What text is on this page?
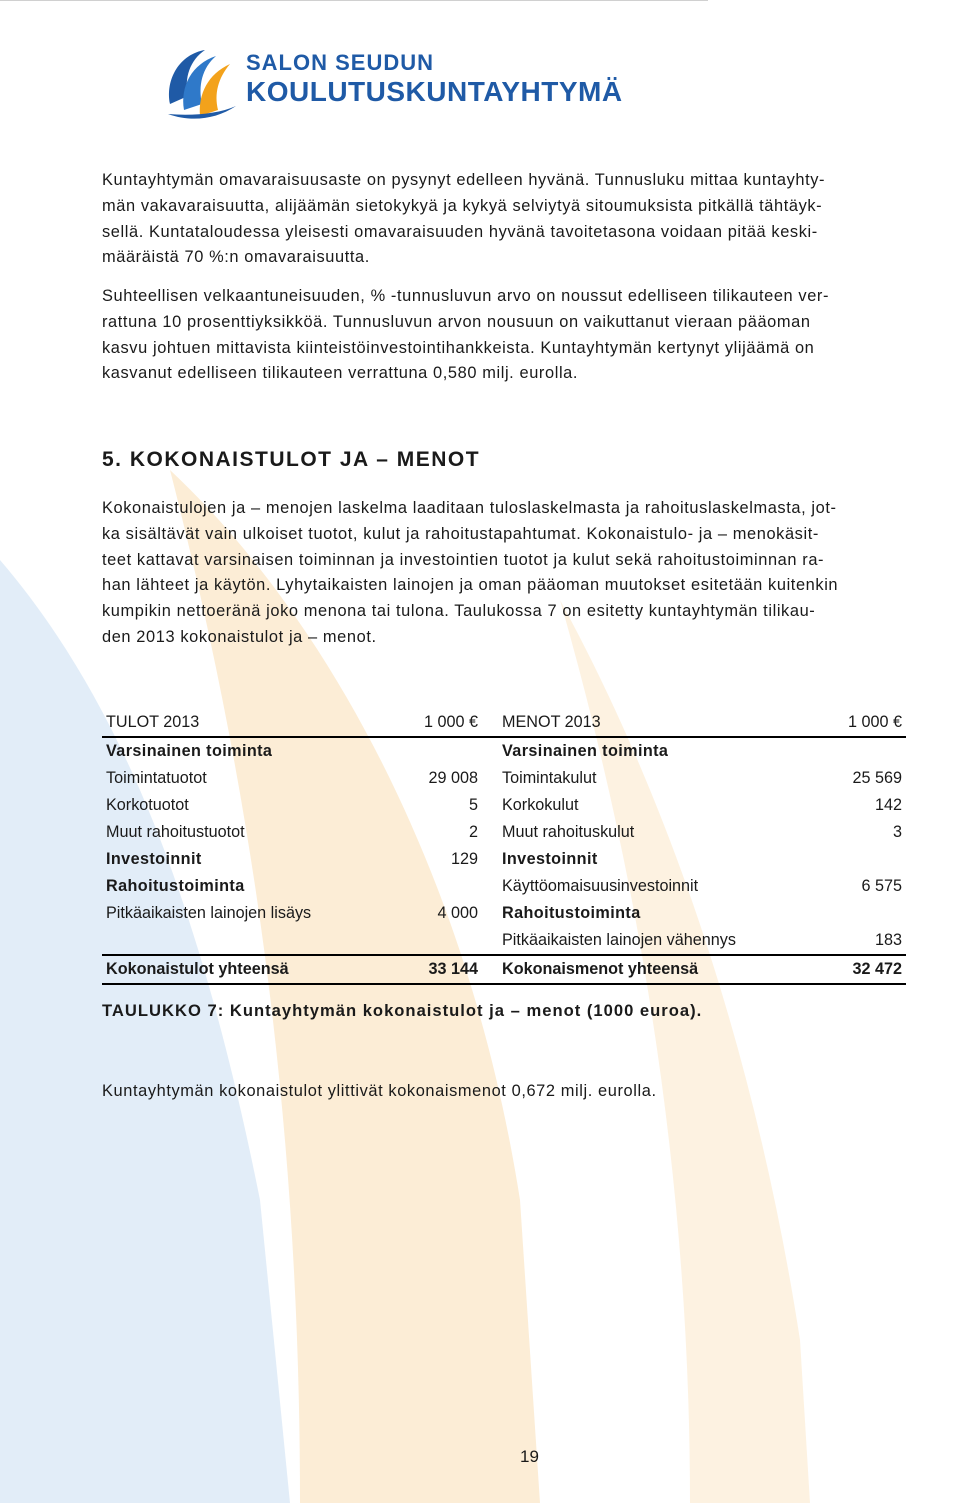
SALON SEUDUN
KOULUTUSKUNTAYHTYMÄ

Kuntayhtymän omavaraisuusaste on pysynyt edelleen hyvänä. Tunnusluku mittaa kuntayhty-
män vakavaraisuutta, alijäämän sietokykyä ja kykyä selviytyä sitoumuksista pitkällä tähtäyk-
sellä. Kuntataloudessa yleisesti omavaraisuuden hyvänä tavoitetasona voidaan pitää keski-
määräistä 70 %:n omavaraisuutta.

Suhteellisen velkaantuneisuuden, % -tunnusluvun arvo on noussut edelliseen tilikauteen ver-
rattuna 10 prosenttiyksikköä. Tunnusluvun arvon nousuun on vaikuttanut vieraan pääoman
kasvu johtuen mittavista kiinteistöinvestointihankkeista. Kuntayhtymän kertynyt ylijäämä on
kasvanut edelliseen tilikauteen verrattuna 0,580 milj. eurolla.

5. KOKONAISTULOT JA – MENOT

Kokonaistulojen ja – menojen laskelma laaditaan tuloslaskelmasta ja rahoituslaskelmasta, jot-
ka sisältävät vain ulkoiset tuotot, kulut ja rahoitustapahtumat. Kokonaistulo- ja – menokäsit-
teet kattavat varsinaisen toiminnan ja investointien tuotot ja kulut sekä rahoitustoiminnan ra-
han lähteet ja käytön. Lyhytaikaisten lainojen ja oman pääoman muutokset esitetään kuitenkin
kumpikin nettoeränä joko menona tai tulona. Taulukossa 7 on esitetty kuntayhtymän tilikau-
den 2013 kokonaistulot ja – menot.

TULOT 2013	1 000 €		MENOT 2013	1 000 €
Varsinainen toiminta			Varsinainen toiminta	
Toimintatuotot	29 008		Toimintakulut	25 569
Korkotuotot	5		Korkokulut	142
Muut rahoitustuotot	2		Muut rahoituskulut	3
Investoinnit	129		Investoinnit	
Rahoitustoiminta			Käyttöomaisuusinvestoinnit	6 575
Pitkäaikaisten lainojen lisäys	4 000		Rahoitustoiminta	
			Pitkäaikaisten lainojen vähennys	183
Kokonaistulot yhteensä	33 144		Kokonaismenot yhteensä	32 472

TAULUKKO 7: Kuntayhtymän kokonaistulot ja – menot (1000 euroa).

Kuntayhtymän kokonaistulot ylittivät kokonaismenot 0,672 milj. eurolla.

19
